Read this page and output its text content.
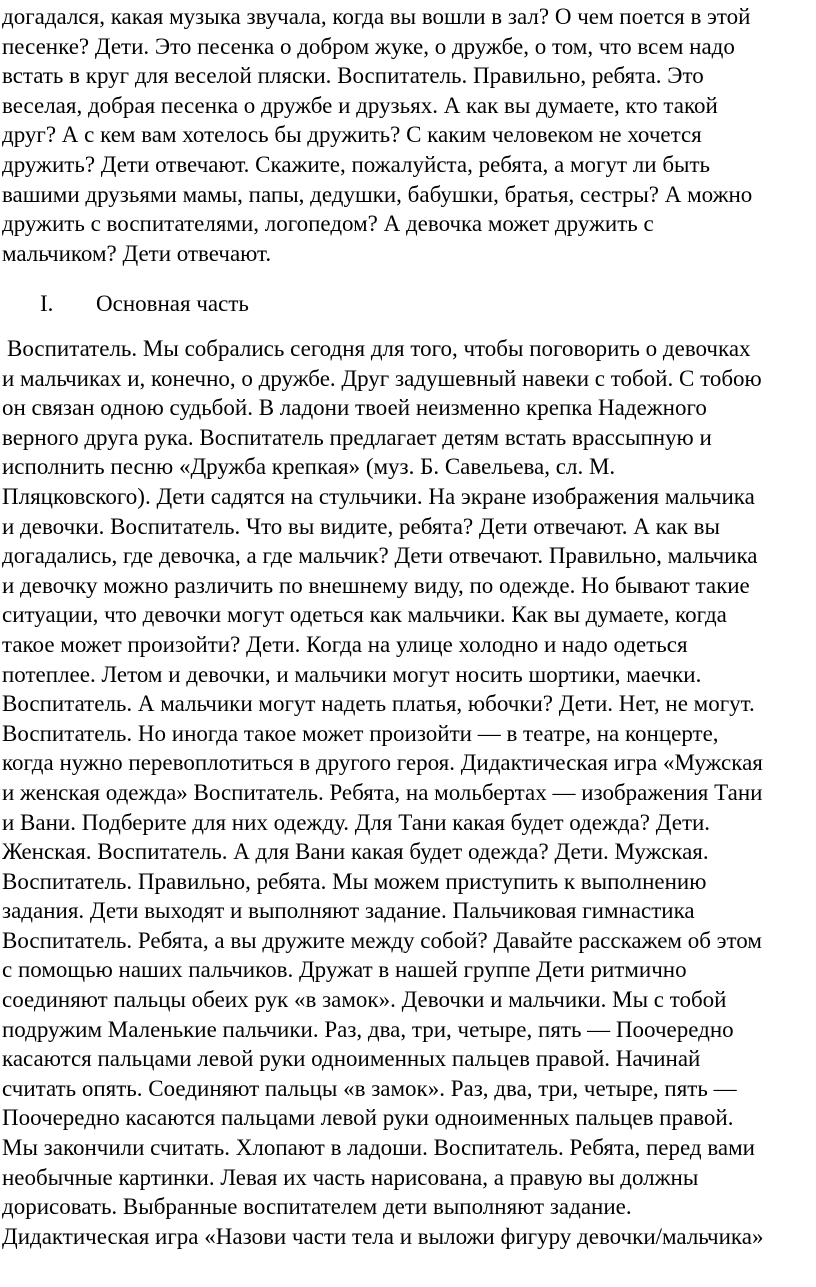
догадался, какая музыка звучала, когда вы вошли в зал? О чем поется в этой
песенке? Дети. Это песенка о добром жуке, о дружбе, о том, что всем надо
встать в круг для веселой пляски. Воспитатель. Правильно, ребята. Это
веселая, добрая песенка о дружбе и друзьях. А как вы думаете, кто такой
друг? А с кем вам хотелось бы дружить? С каким человеком не хочется
дружить? Дети отвечают. Скажите, пожалуйста, ребята, а могут ли быть
вашими друзьями мамы, папы, дедушки, бабушки, братья, сестры? А можно
дружить с воспитателями, логопедом? А девочка может дружить с
мальчиком? Дети отвечают.

I. Основная часть

Воспитатель. Мы собрались сегодня для того, чтобы поговорить о девочках
и мальчиках и, конечно, о дружбе. Друг задушевный навеки с тобой. С тобою
он связан одною судьбой. В ладони твоей неизменно крепка Надежного
верного друга рука. Воспитатель предлагает детям встать врассыпную и
исполнить песню «Дружба крепкая» (муз. Б. Савельева, сл. М.
Пляцковского). Дети садятся на стульчики. На экране изображения мальчика
и девочки. Воспитатель. Что вы видите, ребята? Дети отвечают. А как вы
догадались, где девочка, а где мальчик? Дети отвечают. Правильно, мальчика
и девочку можно различить по внешнему виду, по одежде. Но бывают такие
ситуации, что девочки могут одеться как мальчики. Как вы думаете, когда
такое может произойти? Дети. Когда на улице холодно и надо одеться
потеплее. Летом и девочки, и мальчики могут носить шортики, маечки.
Воспитатель. А мальчики могут надеть платья, юбочки? Дети. Нет, не могут.
Воспитатель. Но иногда такое может произойти — в театре, на концерте,
когда нужно перевоплотиться в другого героя. Дидактическая игра «Мужская
и женская одежда» Воспитатель. Ребята, на мольбертах — изображения Тани
и Вани. Подберите для них одежду. Для Тани какая будет одежда? Дети.
Женская. Воспитатель. А для Вани какая будет одежда? Дети. Мужская.
Воспитатель. Правильно, ребята. Мы можем приступить к выполнению
задания. Дети выходят и выполняют задание. Пальчиковая гимнастика
Воспитатель. Ребята, а вы дружите между собой? Давайте расскажем об этом
с помощью наших пальчиков. Дружат в нашей группе Дети ритмично
соединяют пальцы обеих рук «в замок». Девочки и мальчики. Мы с тобой
подружим Маленькие пальчики. Раз, два, три, четыре, пять — Поочередно
касаются пальцами левой руки одноименных пальцев правой. Начинай
считать опять. Соединяют пальцы «в замок». Раз, два, три, четыре, пять —
Поочередно касаются пальцами левой руки одноименных пальцев правой.
Мы закончили считать. Хлопают в ладоши. Воспитатель. Ребята, перед вами
необычные картинки. Левая их часть нарисована, а правую вы должны
дорисовать. Выбранные воспитателем дети выполняют задание.
Дидактическая игра «Назови части тела и выложи фигуру девочки/мальчика»
